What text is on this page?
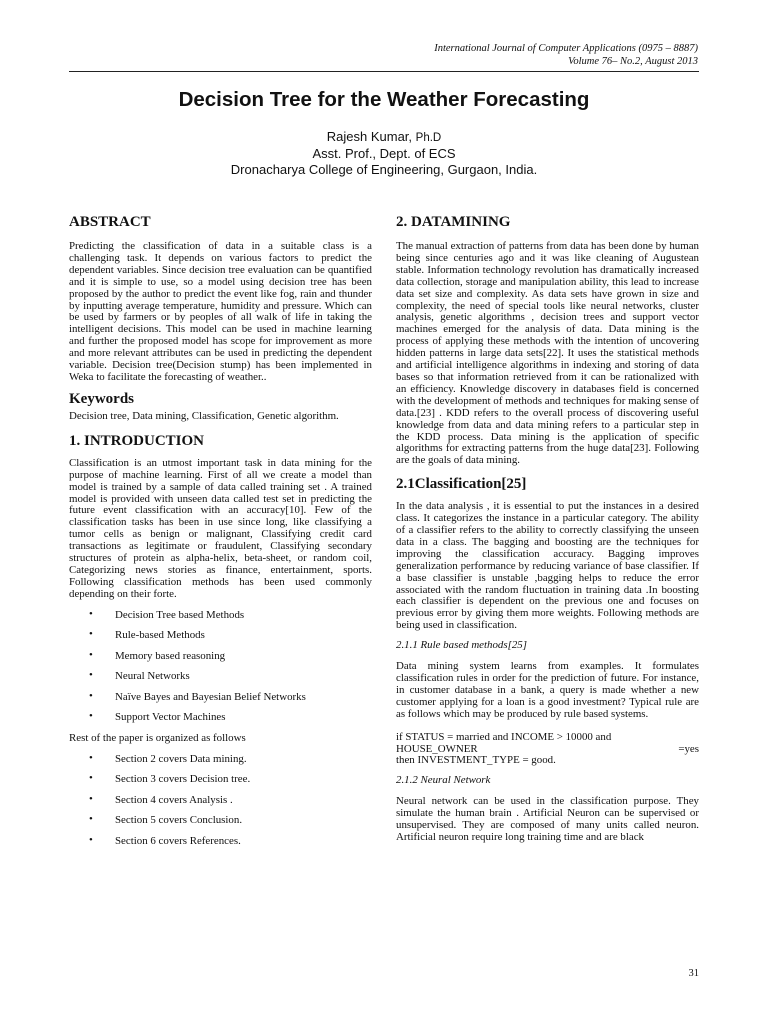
International Journal of Computer Applications (0975 – 8887)
Volume 76– No.2, August 2013
Decision Tree for the Weather Forecasting
Rajesh Kumar, Ph.D
Asst. Prof., Dept. of ECS
Dronacharya College of Engineering, Gurgaon, India.
ABSTRACT

Predicting the classification of data in a suitable class is a challenging task. It depends on various factors to predict the dependent variables. Since decision tree evaluation can be quantified and it is simple to use, so a model using decision tree has been proposed by the author to predict the event like fog, rain and thunder by inputting average temperature, humidity and pressure. Which can be used by farmers or by peoples of all walk of life in taking the intelligent decisions. This model can be used in machine learning and further the proposed model has scope for improvement as more and more relevant attributes can be used in predicting the dependent variable. Decision tree(Decision stump) has been implemented in Weka to facilitate the forecasting of weather..

Keywords

Decision tree, Data mining, Classification, Genetic algorithm.

1. INTRODUCTION

Classification is an utmost important task in data mining for the purpose of machine learning. First of all we create a model than model is trained by a sample of data called training set . A trained model is provided with unseen data called test set in predicting the future event classification with an accuracy[10]. Few of the classification tasks has been in use since long, like classifying a tumor cells as benign or malignant, Classifying credit card transactions as legitimate or fraudulent, Classifying secondary structures of protein as alpha-helix, beta-sheet, or random coil, Categorizing news stories as finance, entertainment, sports. Following classification methods has been used commonly depending on their forte.

• Decision Tree based Methods
• Rule-based Methods
• Memory based reasoning
• Neural Networks
• Naïve Bayes and Bayesian Belief Networks
• Support Vector Machines

Rest of the paper is organized as follows

• Section 2 covers Data mining.
• Section 3 covers Decision tree.
• Section 4 covers Analysis .
• Section 5 covers Conclusion.
• Section 6 covers References.
2. DATAMINING

The manual extraction of patterns from data has been done by human being since centuries ago and it was like cleaning of Augustean stable. Information technology revolution has dramatically increased data collection, storage and manipulation ability, this lead to increase data set size and complexity. As data sets have grown in size and complexity, the need of special tools like neural networks, cluster analysis, genetic algorithms , decision trees and support vector machines emerged for the analysis of data. Data mining is the process of applying these methods with the intention of uncovering hidden patterns in large data sets[22]. It uses the statistical methods and artificial intelligence algorithms in indexing and storing of data bases so that information retrieved from it can be rationalized with an efficiency. Knowledge discovery in databases field is concerned with the development of methods and techniques for making sense of data.[23] . KDD refers to the overall process of discovering useful knowledge from data and data mining refers to a particular step in the KDD process. Data mining is the application of specific algorithms for extracting patterns from the huge data[23]. Following are the goals of data mining.

2.1Classification[25]

In the data analysis , it is essential to put the instances in a desired class. It categorizes the instance in a particular category. The ability of a classifier refers to the ability to correctly classifying the unseen data in a class. The bagging and boosting are the techniques for improving the classification accuracy. Bagging improves generalization performance by reducing variance of base classifier. If a base classifier is unstable ,bagging helps to reduce the error associated with the random fluctuation in training data .In boosting each classifier is dependent on the previous one and focuses on previous error by giving them more weights. Following methods are being used in classification.

2.1.1 Rule based methods[25]

Data mining system learns from examples. It formulates classification rules in order for the prediction of future. For instance, in customer database in a bank, a query is made whether a new customer applying for a loan is a good investment? Typical rule are as follows which may be produced by rule based systems.

if STATUS = married and INCOME > 10000 and
HOUSE_OWNER	=yes
then INVESTMENT_TYPE = good.
2.1.2 Neural Network

Neural network can be used in the classification purpose. They simulate the human brain . Artificial Neuron can be supervised or unsupervised. They are composed of many units called neuron. Artificial neuron require long training time and are black

31
